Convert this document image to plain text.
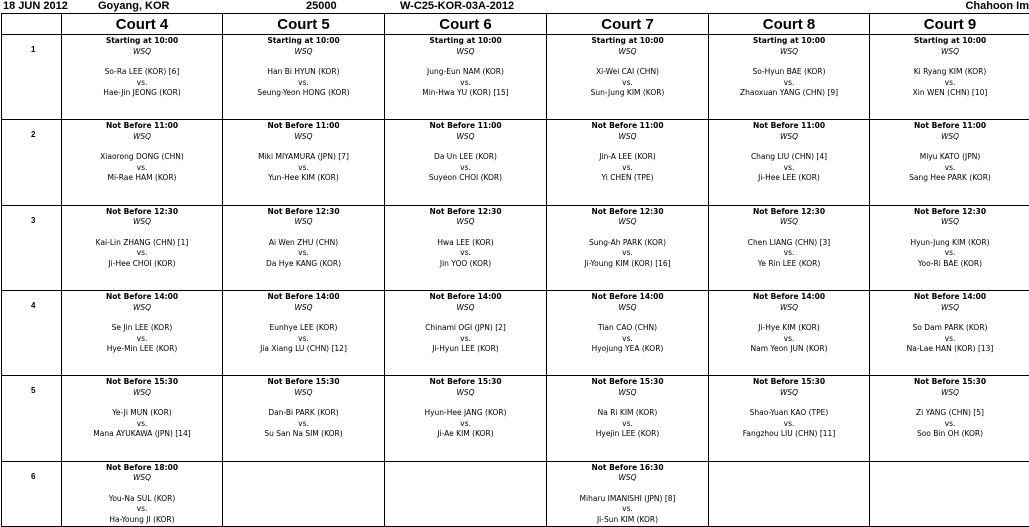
18 JUN 2012	Goyang, KOR	25000	W-C25-KOR-03A-2012	Chahoon Im
	Court 4	Court 5	Court 6	Court 7	Court 8	Court 9

1	Starting at 10:00
WSQ
So-Ra LEE (KOR) [6]
vs.
Hae-Jin JEONG (KOR)	Starting at 10:00
WSQ
Han Bi HYUN (KOR)
vs.
Seung-Yeon HONG (KOR)	Starting at 10:00
WSQ
Jung-Eun NAM (KOR)
vs.
Min-Hwa YU (KOR) [15]	Starting at 10:00
WSQ
Xi-Wei CAI (CHN)
vs.
Sun-Jung KIM (KOR)	Starting at 10:00
WSQ
So-Hyun BAE (KOR)
vs.
Zhaoxuan YANG (CHN) [9]	Starting at 10:00
WSQ
Ki Ryang KIM (KOR)
vs.
Xin WEN (CHN) [10]

2	Not Before 11:00
WSQ
Xiaorong DONG (CHN)
vs.
Mi-Rae HAM (KOR)	Not Before 11:00
WSQ
Miki MIYAMURA (JPN) [7]
vs.
Yun-Hee KIM (KOR)	Not Before 11:00
WSQ
Da Un LEE (KOR)
vs.
Suyeon CHOI (KOR)	Not Before 11:00
WSQ
Jin-A LEE (KOR)
vs.
Yi CHEN (TPE)	Not Before 11:00
WSQ
Chang LIU (CHN) [4]
vs.
Ji-Hee LEE (KOR)	Not Before 11:00
WSQ
Miyu KATO (JPN)
vs.
Sang Hee PARK (KOR)

3	Not Before 12:30
WSQ
Kai-Lin ZHANG (CHN) [1]
vs.
Ji-Hee CHOI (KOR)	Not Before 12:30
WSQ
Ai Wen ZHU (CHN)
vs.
Da Hye KANG (KOR)	Not Before 12:30
WSQ
Hwa LEE (KOR)
vs.
Jin YOO (KOR)	Not Before 12:30
WSQ
Sung-Ah PARK (KOR)
vs.
Ji-Young KIM (KOR) [16]	Not Before 12:30
WSQ
Chen LIANG (CHN) [3]
vs.
Ye Rin LEE (KOR)	Not Before 12:30
WSQ
Hyun-Jung KIM (KOR)
vs.
Yoo-Ri BAE (KOR)

4	Not Before 14:00
WSQ
Se Jin LEE (KOR)
vs.
Hye-Min LEE (KOR)	Not Before 14:00
WSQ
Eunhye LEE (KOR)
vs.
Jia Xiang LU (CHN) [12]	Not Before 14:00
WSQ
Chinami OGI (JPN) [2]
vs.
Ji-Hyun LEE (KOR)	Not Before 14:00
WSQ
Tian CAO (CHN)
vs.
Hyojung YEA (KOR)	Not Before 14:00
WSQ
Ji-Hye KIM (KOR)
vs.
Nam Yeon JUN (KOR)	Not Before 14:00
WSQ
So Dam PARK (KOR)
vs.
Na-Lae HAN (KOR) [13]

5	Not Before 15:30
WSQ
Ye-Ji MUN (KOR)
vs.
Mana AYUKAWA (JPN) [14]	Not Before 15:30
WSQ
Dan-Bi PARK (KOR)
vs.
Su San Na SIM (KOR)	Not Before 15:30
WSQ
Hyun-Hee JANG (KOR)
vs.
Ji-Ae KIM (KOR)	Not Before 15:30
WSQ
Na Ri KIM (KOR)
vs.
Hyejin LEE (KOR)	Not Before 15:30
WSQ
Shao-Yuan KAO (TPE)
vs.
Fangzhou LIU (CHN) [11]	Not Before 15:30
WSQ
Zi YANG (CHN) [5]
vs.
Soo Bin OH (KOR)

6	Not Before 18:00
WSQ
You-Na SUL (KOR)
vs.
Ha-Young JI (KOR)			Not Before 16:30
WSQ
Miharu IMANISHI (JPN) [8]
vs.
Ji-Sun KIM (KOR)		
